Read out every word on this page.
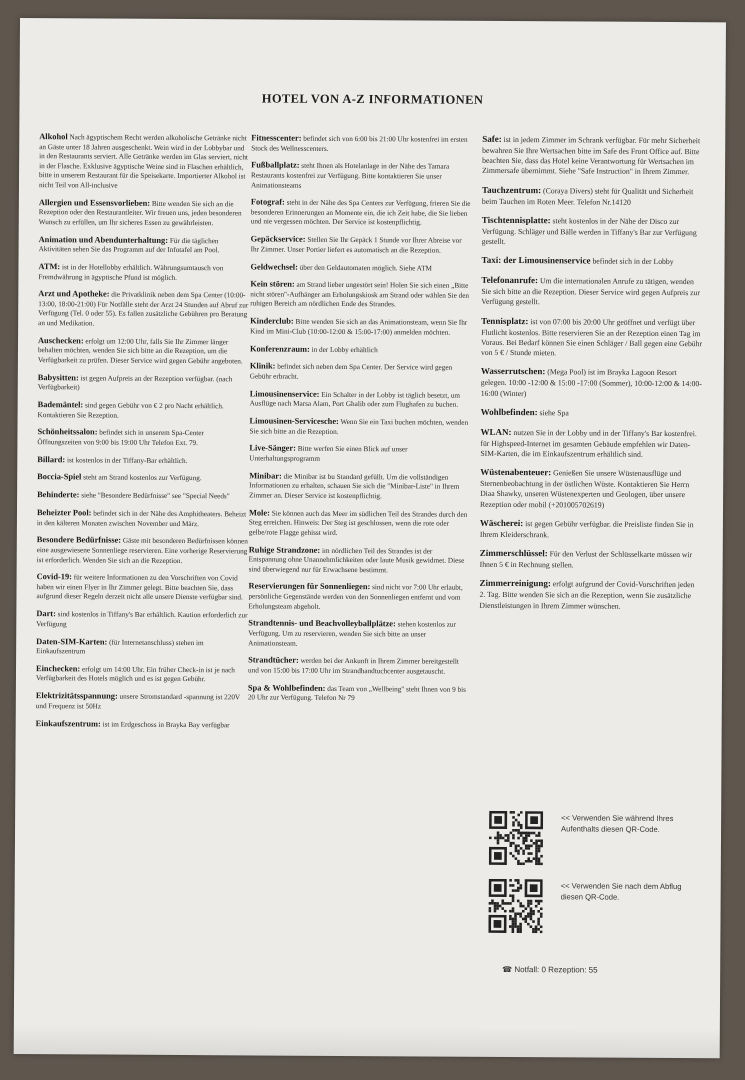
HOTEL VON A-Z INFORMATIONEN

Alkohol Nach ägyptischem Recht werden alkoholische Getränke nicht an Gäste unter 18 Jahren ausgeschenkt. Wein wird in der Lobbybar und in den Restaurants serviert. Alle Getränke werden im Glas serviert, nicht in der Flasche. Exklusive ägyptische Weine sind in Flaschen erhältlich, bitte in unserem Restaurant für die Speisekarte. Importierter Alkohol ist nicht Teil von All-inclusive

Allergien und Essensvorlieben: Bitte wenden Sie sich an die Rezeption oder den Restaurantleiter. Wir freuen uns, jeden besonderen Wunsch zu erfüllen, um Ihr sicheres Essen zu gewährleisten.

Animation und Abendunterhaltung: Für die täglichen Aktivitäten sehen Sie das Programm auf der Infotafel am Pool.

ATM: ist in der Hotellobby erhältlich. Währungsumtausch von Fremdwährung in ägyptische Pfund ist möglich.

Arzt und Apotheke: die Privatklinik neben dem Spa Center (10:00-13:00, 18:00-21:00) Für Notfälle steht der Arzt 24 Stunden auf Abruf zur Verfügung (Tel. 0 oder 55). Es fallen zusätzliche Gebühren pro Beratung an und Medikation.

Auschecken: erfolgt um 12:00 Uhr, falls Sie Ihr Zimmer länger behalten möchten, wenden Sie sich bitte an die Rezeption, um die Verfügbarkeit zu prüfen. Dieser Service wird gegen Gebühr angeboten.

Babysitten: ist gegen Aufpreis an der Rezeption verfügbar. (nach Verfügbarkeit)

Bademäntel: sind gegen Gebühr von € 2 pro Nacht erhältlich. Kontaktieren Sie Rezeption.

Schönheitssalon: befindet sich in unserem Spa-Center Öffnungszeiten von 9:00 bis 19:00 Uhr Telefon Ext. 79.

Billard: ist kostenlos in der Tiffany-Bar erhältlich.

Boccia-Spiel steht am Strand kostenlos zur Verfügung.

Behinderte: siehe "Besondere Bedürfnisse" see "Special Needs"

Beheizter Pool: befindet sich in der Nähe des Amphitheaters. Beheizt in den kälteren Monaten zwischen November und März.

Besondere Bedürfnisse: Gäste mit besonderen Bedürfnissen können eine ausgewiesene Sonnenliege reservieren. Eine vorherige Reservierung ist erforderlich. Wenden Sie sich an die Rezeption.

Covid-19: für weitere Informationen zu den Vorschriften von Covid haben wir einen Flyer in Ihr Zimmer gelegt. Bitte beachten Sie, dass aufgrund dieser Regeln derzeit nicht alle unsere Dienste verfügbar sind.

Dart: sind kostenlos in Tiffany's Bar erhältlich. Kaution erforderlich zur Verfügung

Daten-SIM-Karten: (für Internetanschluss) stehen im Einkaufszentrum

Einchecken: erfolgt um 14:00 Uhr. Ein früher Check-in ist je nach Verfügbarkeit des Hotels möglich und es ist gegen Gebühr.

Elektrizitätsspannung: unsere Stromstandard -spannung ist 220V und Frequenz ist 50Hz

Einkaufszentrum: ist im Erdgeschoss in Brayka Bay verfügbar

Fitnesscenter: befindet sich von 6:00 bis 21:00 Uhr kostenfrei im ersten Stock des Wellnesscenters.

Fußballplatz: steht Ihnen als Hotelanlage in der Nähe des Tamara Restaurants kostenfrei zur Verfügung. Bitte kontaktieren Sie unser Animationsteams

Fotograf: steht in der Nähe des Spa Centers zur Verfügung, frieren Sie die besonderen Erinnerungen an Momente ein, die ich Zeit habe, die Sie lieben und nie vergessen möchten. Der Service ist kostenpflichtig.

Gepäckservice: Stellen Sie Ihr Gepäck 1 Stunde vor Ihrer Abreise vor Ihr Zimmer. Unser Portier liefert es automatisch an die Rezeption.

Geldwechsel: über den Geldautomaten möglich. Siehe ATM

Kein stören: am Strand lieber ungestört sein! Holen Sie sich einen „Bitte nicht stören"-Aufhänger am Erholungskiosk am Strand oder wählen Sie den ruhigen Bereich am nördlichen Ende des Strandes.

Kinderclub: Bitte wenden Sie sich an das Animationsteam, wenn Sie Ihr Kind im Mini-Club (10:00-12:00 & 15:00-17:00) anmelden möchten.

Konferenzraum: in der Lobby erhältlich

Klinik: befindet sich neben dem Spa Center. Der Service wird gegen Gebühr erbracht.

Limousinenservice: Ein Schalter in der Lobby ist täglich besetzt, um Ausflüge nach Marsa Alam, Port Ghalib oder zum Flughafen zu buchen.

Limousinen-Servicesche: Wenn Sie ein Taxi buchen möchten, wenden Sie sich bitte an die Rezeption.

Live-Sänger: Bitte werfen Sie einen Blick auf unser Unterhaltungsprogramm

Minibar: die Minibar ist bu Standard gefüllt. Um die vollständigen Informationen zu erhalten, schauen Sie sich die "Minibar-Liste" in Ihrem Zimmer an. Dieser Service ist kostenpflichtig.

Mole: Sie können auch das Meer im südlichen Teil des Strandes durch den Steg erreichen. Hinweis: Der Steg ist geschlossen, wenn die rote oder gelbe/rote Flagge gehisst wird.

Ruhige Strandzone: im nördlichen Teil des Strandes ist der Entspannung ohne Unannehmlichkeiten oder laute Musik gewidmet. Diese sind überwiegend nur für Erwachsene bestimmt.

Reservierungen für Sonnenliegen: sind nicht vor 7:00 Uhr erlaubt, persönliche Gegenstände werden von den Sonnenliegen entfernt und vom Erholungsteam abgeholt.

Strandtennis- und Beachvolleyballplätze: stehen kostenlos zur Verfügung. Um zu reservieren, wenden Sie sich bitte an unser Animationsteam.

Strandtücher: werden bei der Ankunft in Ihrem Zimmer bereitgestellt und von 15:00 bis 17:00 Uhr im Strandhandtuchcenter ausgetauscht.

Spa & Wohlbefinden: das Team von „Wellbeing" steht Ihnen von 9 bis 20 Uhr zur Verfügung. Telefon Nr 79

Safe: ist in jedem Zimmer im Schrank verfügbar. Für mehr Sicherheit bewahren Sie Ihre Wertsachen bitte im Safe des Front Office auf. Bitte beachten Sie, dass das Hotel keine Verantwortung für Wertsachen im Zimmersafe übernimmt. Siehe "Safe Instruction" in Ihrem Zimmer.

Tauchzentrum: (Coraya Divers) steht für Qualität und Sicherheit beim Tauchen im Roten Meer. Telefon Nr.14120

Tischtennisplatte: steht kostenlos in der Nähe der Disco zur Verfügung. Schläger und Bälle werden in Tiffany's Bar zur Verfügung gestellt.

Taxi: der Limousinenservice befindet sich in der Lobby

Telefonanrufe: Um die internationalen Anrufe zu tätigen, wenden Sie sich bitte an die Rezeption. Dieser Service wird gegen Aufpreis zur Verfügung gestellt.

Tennisplatz: ist von 07:00 bis 20:00 Uhr geöffnet und verfügt über Flutlicht kostenlos. Bitte reservieren Sie an der Rezeption einen Tag im Voraus. Bei Bedarf können Sie einen Schläger / Ball gegen eine Gebühr von 5 € / Stunde mieten.

Wasserrutschen: (Mega Pool) ist im Brayka Lagoon Resort gelegen. 10:00 -12:00 & 15:00 -17:00 (Sommer), 10:00-12:00 & 14:00-16:00 (Winter)

Wohlbefinden: siehe Spa

WLAN: nutzen Sie in der Lobby und in der Tiffany's Bar kostenfrei. für Highspeed-Internet im gesamten Gebäude empfehlen wir Daten-SIM-Karten, die im Einkaufszentrum erhältlich sind.

Wüstenabenteuer: Genießen Sie unsere Wüstenausflüge und Sternenbeobachtung in der östlichen Wüste. Kontaktieren Sie Herrn Diaa Shawky, unseren Wüstenexperten und Geologen, über unsere Rezeption oder mobil (+201005702619)

Wäscherei: ist gegen Gebühr verfügbar. die Preisliste finden Sie in Ihrem Kleiderschrank.

Zimmerschlüssel: Für den Verlust der Schlüsselkarte müssen wir Ihnen 5 € in Rechnung stellen.

Zimmerreinigung: erfolgt aufgrund der Covid-Vorschriften jeden 2. Tag. Bitte wenden Sie sich an die Rezeption, wenn Sie zusätzliche Dienstleistungen in Ihrem Zimmer wünschen.

<< Verwenden Sie während Ihres Aufenthalts diesen QR-Code.
<< Verwenden Sie nach dem Abflug diesen QR-Code.
☎ Notfall: 0 Rezeption: 55
